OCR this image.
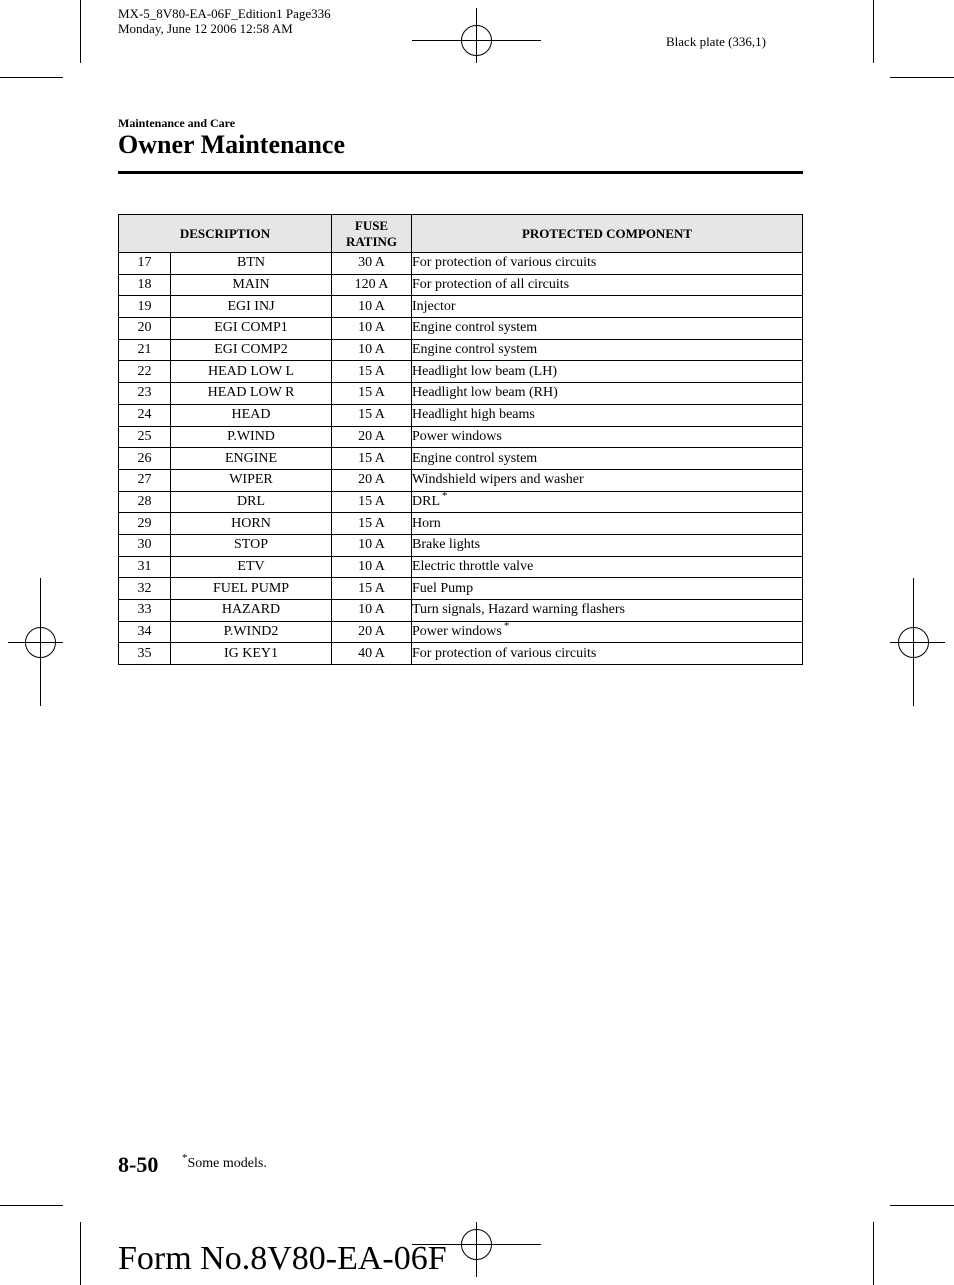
MX-5_8V80-EA-06F_Edition1 Page336
Monday, June 12 2006 12:58 AM
Black plate (336,1)
Maintenance and Care
Owner Maintenance
DESCRIPTION		FUSE
RATING	PROTECTED COMPONENT
17	BTN	30 A	For protection of various circuits
18	MAIN	120 A	For protection of all circuits
19	EGI INJ	10 A	Injector
20	EGI COMP1	10 A	Engine control system
21	EGI COMP2	10 A	Engine control system
22	HEAD LOW L	15 A	Headlight low beam (LH)
23	HEAD LOW R	15 A	Headlight low beam (RH)
24	HEAD	15 A	Headlight high beams
25	P.WIND	20 A	Power windows
26	ENGINE	15 A	Engine control system
27	WIPER	20 A	Windshield wipers and washer
28	DRL	15 A	DRL *
29	HORN	15 A	Horn
30	STOP	10 A	Brake lights
31	ETV	10 A	Electric throttle valve
32	FUEL PUMP	15 A	Fuel Pump
33	HAZARD	10 A	Turn signals, Hazard warning flashers
34	P.WIND2	20 A	Power windows *
35	IG KEY1	40 A	For protection of various circuits
8-50 *Some models.
Form No.8V80-EA-06F
